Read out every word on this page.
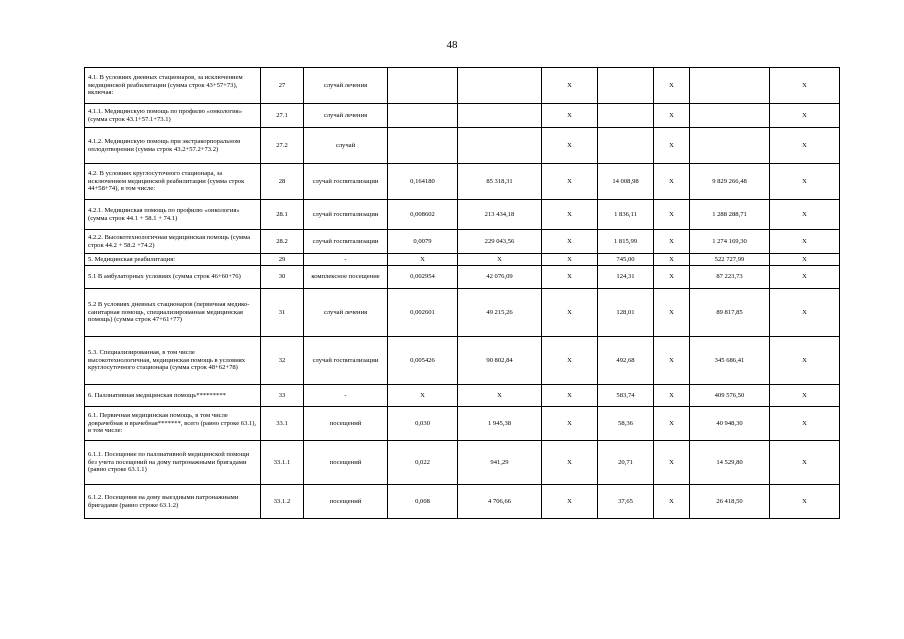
48
4.1. В условиях дневных стационаров, за исключением медицинской реабилитации (сумма строк 43+57+73), включая:	27	случай лечения			X		X		X
4.1.1. Медицинскую помощь по профилю «онкология» (сумма строк 43.1+57.1+73.1)	27.1	случай лечения			X		X		X
4.1.2. Медицинскую помощь при экстракорпоральном оплодотворении (сумма строк 43.2+57.2+73.2)	27.2	случай			X		X		X
4.2. В условиях круглосуточного стационара, за исключением медицинской реабилитации (сумма строк 44+58+74), в том числе:	28	случай госпитализации	0,164180	85 318,31	X	14 008,98	X	9 829 266,48	X
4.2.1. Медицинская помощь по профилю «онкология» (сумма строк 44.1 + 58.1 + 74.1)	28.1	случай госпитализации	0,008602	213 434,18	X	1 836,11	X	1 288 288,71	X
4.2.2. Высокотехнологичная медицинская помощь (сумма строк 44.2 + 58.2 +74.2)	28.2	случай госпитализации	0,0079	229 043,56	X	1 815,99	X	1 274 169,30	X
5. Медицинская реабилитация:	29	-	X	X	X	745,00	X	522 727,99	X
5.1 В амбулаторных условиях (сумма строк 46+60+76)	30	комплексное посещение	0,002954	42 076,09	X	124,31	X	87 223,73	X
5.2 В условиях дневных стационаров (первичная медико-санитарная помощь, специализированная медицинская помощь) (сумма строк 47+61+77)	31	случай лечения	0,002601	49 215,26	X	128,01	X	89 817,85	X
5.3. Специализированная, в том числе высокотехнологичная, медицинская помощь в условиях круглосуточного стационара (сумма строк 48+62+78)	32	случай госпитализации	0,005426	90 802,84	X	492,68	X	345 686,41	X
6. Паллиативная медицинская помощь*********	33	-	X	X	X	583,74	X	409 576,50	X
6.1. Первичная медицинская помощь, в том числе доврачебная и врачебная*******, всего (равно строке 63.1), в том числе:	33.1	посещений	0,030	1 945,38	X	58,36	X	40 948,30	X
6.1.1. Посещение по паллиативной медицинской помощи без учета посещений на дому патронажными бригадами (равно строке 63.1.1)	33.1.1	посещений	0,022	941,29	X	20,71	X	14 529,80	X
6.1.2. Посещения на дому выездными патронажными бригадами (равно строке 63.1.2)	33.1.2	посещений	0,008	4 706,66	X	37,65	X	26 418,50	X
